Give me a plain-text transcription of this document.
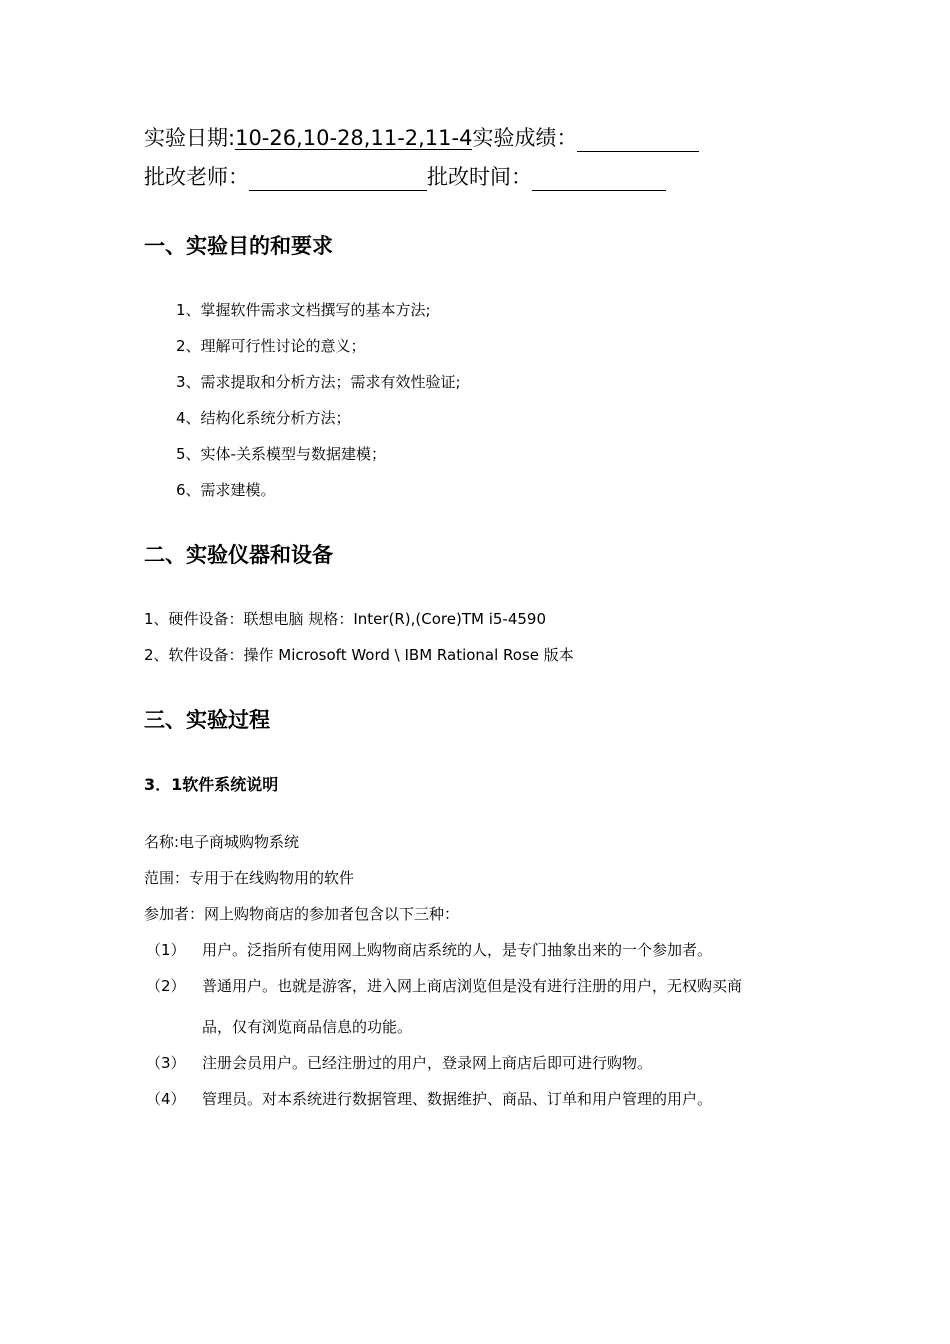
实验日期:10-26,10-28,11-2,11-4实验成绩：
批改老师：	批改时间：
一、实验目的和要求
1、掌握软件需求文档撰写的基本方法;
2、理解可行性讨论的意义；
3、需求提取和分析方法；需求有效性验证;
4、结构化系统分析方法；
5、实体-关系模型与数据建模；
6、需求建模。
二、实验仪器和设备
1、硬件设备：联想电脑 规格：Inter(R),(Core)TM i5-4590
2、软件设备：操作 Microsoft Word \ IBM Rational Rose 版本
三、实验过程
3．1软件系统说明
名称:电子商城购物系统
范围：专用于在线购物用的软件
参加者：网上购物商店的参加者包含以下三种：
（1） 用户。泛指所有使用网上购物商店系统的人，是专门抽象出来的一个参加者。
（2） 普通用户。也就是游客，进入网上商店浏览但是没有进行注册的用户，无权购买商
品，仅有浏览商品信息的功能。
（3） 注册会员用户。已经注册过的用户，登录网上商店后即可进行购物。
（4） 管理员。对本系统进行数据管理、数据维护、商品、订单和用户管理的用户。
